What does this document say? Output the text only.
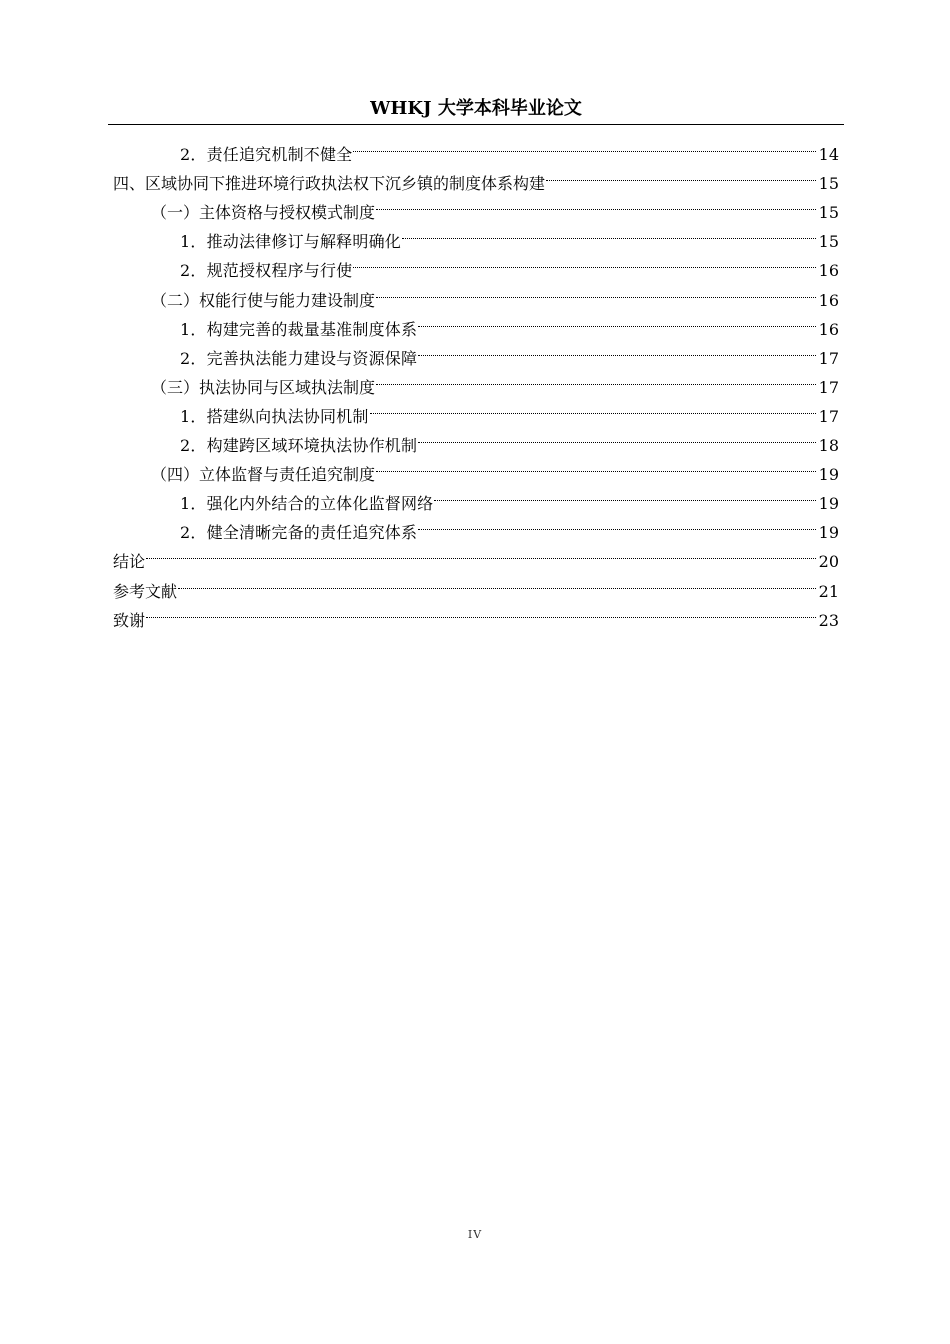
WHKJ 大学本科毕业论文
2．责任追究机制不健全	14
四、区域协同下推进环境行政执法权下沉乡镇的制度体系构建	15
（一）主体资格与授权模式制度	15
1．推动法律修订与解释明确化	15
2．规范授权程序与行使	16
（二）权能行使与能力建设制度	16
1．构建完善的裁量基准制度体系	16
2．完善执法能力建设与资源保障	17
（三）执法协同与区域执法制度	17
1．搭建纵向执法协同机制	17
2．构建跨区域环境执法协作机制	18
（四）立体监督与责任追究制度	19
1．强化内外结合的立体化监督网络	19
2．健全清晰完备的责任追究体系	19
结论	20
参考文献	21
致谢	23
IV
